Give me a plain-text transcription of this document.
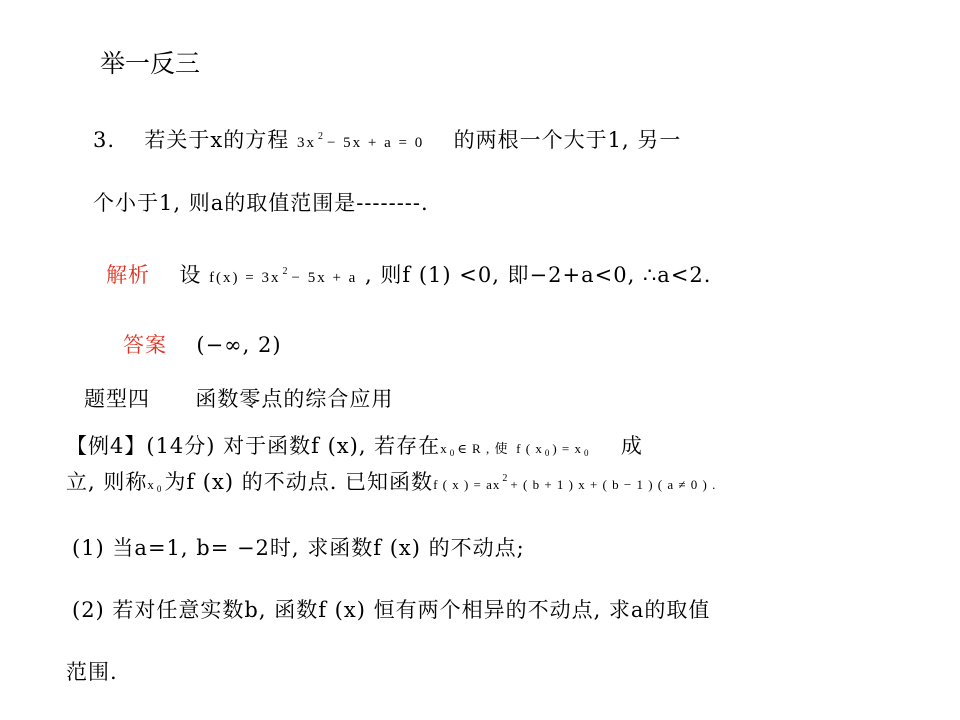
举一反三
3. 若关于x的方程 3x $^2$ − 5x + a = 0 的两根一个大于1, 另一
个小于1, 则a的取值范围是--------.
解析 设 f(x) = 3x $^2$ − 5x + a , 则f (1) <0, 即−2+a<0, ∴a<2.
答案 (−∞, 2)
题型四 函数零点的综合应用
【例4】(14分) 对于函数f (x), 若存在x $_0$ ∈ R , 使 f ( x $_0$ ) = x $_0$ 成
立, 则称x $_0$为f (x) 的不动点. 已知函数f ( x ) = ax $^2$ + ( b + 1 ) x + ( b − 1 ) ( a ≠ 0 ) .
(1) 当a=1, b= −2时, 求函数f (x) 的不动点;
(2) 若对任意实数b, 函数f (x) 恒有两个相异的不动点, 求a的取值
范围.
